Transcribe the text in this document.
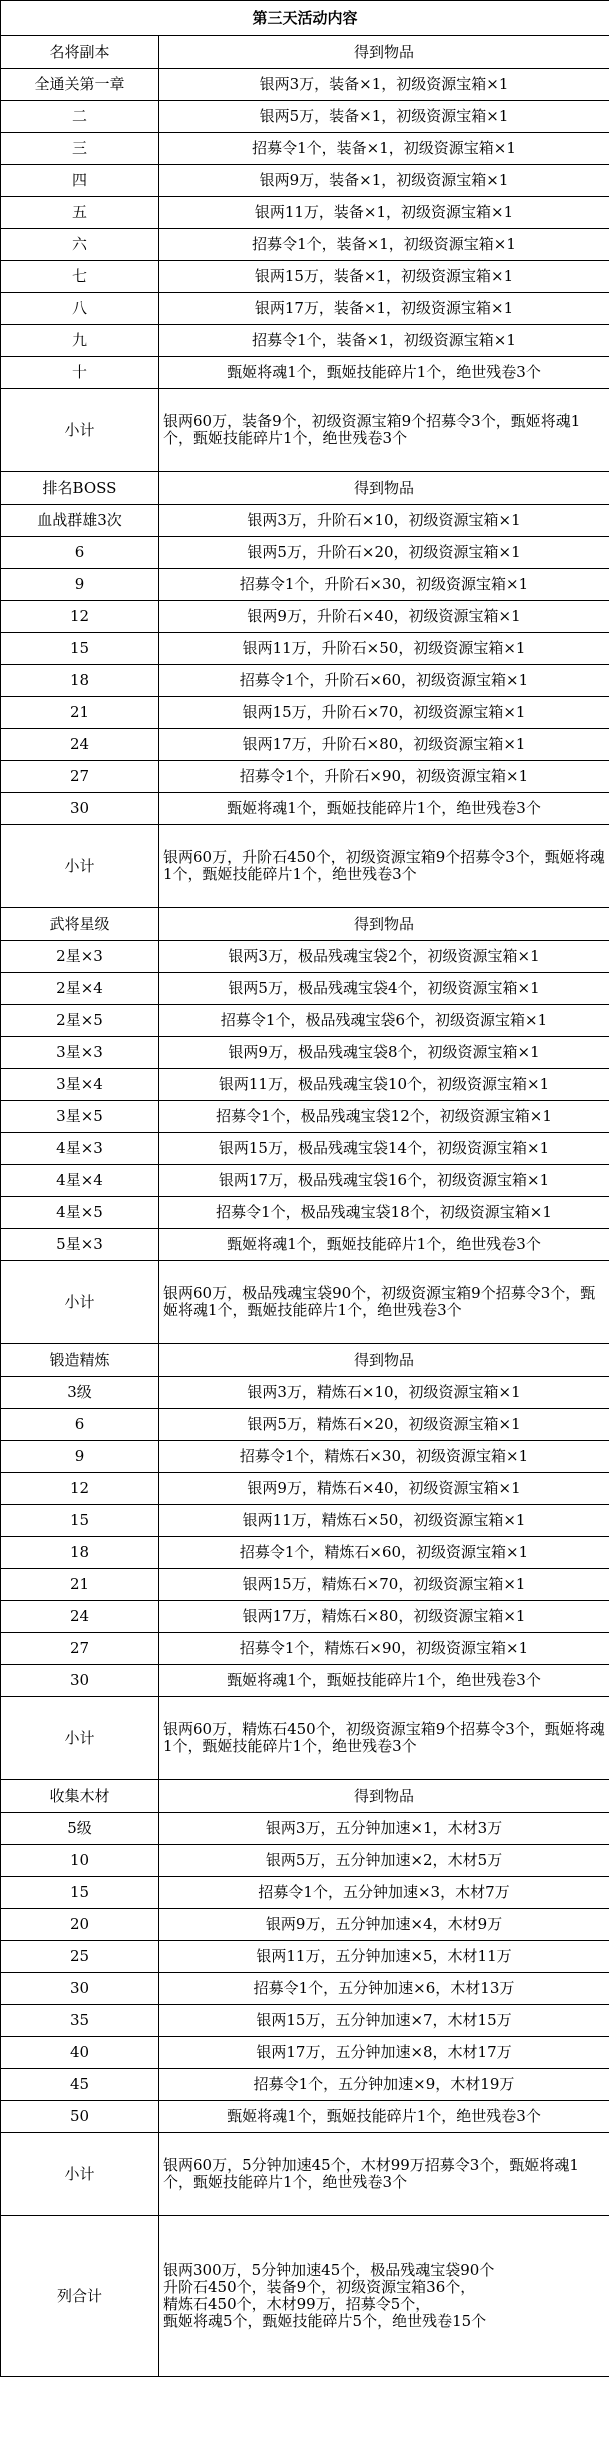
第三天活动内容	
名将副本	得到物品
全通关第一章	银两3万，装备×1，初级资源宝箱×1
二	银两5万，装备×1，初级资源宝箱×1
三	招募令1个，装备×1，初级资源宝箱×1
四	银两9万，装备×1，初级资源宝箱×1
五	银两11万，装备×1，初级资源宝箱×1
六	招募令1个，装备×1，初级资源宝箱×1
七	银两15万，装备×1，初级资源宝箱×1
八	银两17万，装备×1，初级资源宝箱×1
九	招募令1个，装备×1，初级资源宝箱×1
十	甄姬将魂1个，甄姬技能碎片1个，绝世残卷3个
小计	银两60万，装备9个，初级资源宝箱9个招募令3个，甄姬将魂1个，甄姬技能碎片1个，绝世残卷3个
排名BOSS	得到物品
血战群雄3次	银两3万，升阶石×10，初级资源宝箱×1
6	银两5万，升阶石×20，初级资源宝箱×1
9	招募令1个，升阶石×30，初级资源宝箱×1
12	银两9万，升阶石×40，初级资源宝箱×1
15	银两11万，升阶石×50，初级资源宝箱×1
18	招募令1个，升阶石×60，初级资源宝箱×1
21	银两15万，升阶石×70，初级资源宝箱×1
24	银两17万，升阶石×80，初级资源宝箱×1
27	招募令1个，升阶石×90，初级资源宝箱×1
30	甄姬将魂1个，甄姬技能碎片1个，绝世残卷3个
小计	银两60万，升阶石450个，初级资源宝箱9个招募令3个，甄姬将魂1个，甄姬技能碎片1个，绝世残卷3个
武将星级	得到物品
2星×3	银两3万，极品残魂宝袋2个，初级资源宝箱×1
2星×4	银两5万，极品残魂宝袋4个，初级资源宝箱×1
2星×5	招募令1个，极品残魂宝袋6个，初级资源宝箱×1
3星×3	银两9万，极品残魂宝袋8个，初级资源宝箱×1
3星×4	银两11万，极品残魂宝袋10个，初级资源宝箱×1
3星×5	招募令1个，极品残魂宝袋12个，初级资源宝箱×1
4星×3	银两15万，极品残魂宝袋14个，初级资源宝箱×1
4星×4	银两17万，极品残魂宝袋16个，初级资源宝箱×1
4星×5	招募令1个，极品残魂宝袋18个，初级资源宝箱×1
5星×3	甄姬将魂1个，甄姬技能碎片1个，绝世残卷3个
小计	银两60万，极品残魂宝袋90个，初级资源宝箱9个招募令3个，甄姬将魂1个，甄姬技能碎片1个，绝世残卷3个
锻造精炼	得到物品
3级	银两3万，精炼石×10，初级资源宝箱×1
6	银两5万，精炼石×20，初级资源宝箱×1
9	招募令1个，精炼石×30，初级资源宝箱×1
12	银两9万，精炼石×40，初级资源宝箱×1
15	银两11万，精炼石×50，初级资源宝箱×1
18	招募令1个，精炼石×60，初级资源宝箱×1
21	银两15万，精炼石×70，初级资源宝箱×1
24	银两17万，精炼石×80，初级资源宝箱×1
27	招募令1个，精炼石×90，初级资源宝箱×1
30	甄姬将魂1个，甄姬技能碎片1个，绝世残卷3个
小计	银两60万，精炼石450个，初级资源宝箱9个招募令3个，甄姬将魂1个，甄姬技能碎片1个，绝世残卷3个
收集木材	得到物品
5级	银两3万，五分钟加速×1，木材3万
10	银两5万，五分钟加速×2，木材5万
15	招募令1个，五分钟加速×3，木材7万
20	银两9万，五分钟加速×4，木材9万
25	银两11万，五分钟加速×5，木材11万
30	招募令1个，五分钟加速×6，木材13万
35	银两15万，五分钟加速×7，木材15万
40	银两17万，五分钟加速×8，木材17万
45	招募令1个，五分钟加速×9，木材19万
50	甄姬将魂1个，甄姬技能碎片1个，绝世残卷3个
小计	银两60万，5分钟加速45个，木材99万招募令3个，甄姬将魂1个，甄姬技能碎片1个，绝世残卷3个
列合计	银两300万，5分钟加速45个，极品残魂宝袋90个
升阶石450个，装备9个，初级资源宝箱36个，
精炼石450个，木材99万，招募令5个，
甄姬将魂5个，甄姬技能碎片5个，绝世残卷15个
